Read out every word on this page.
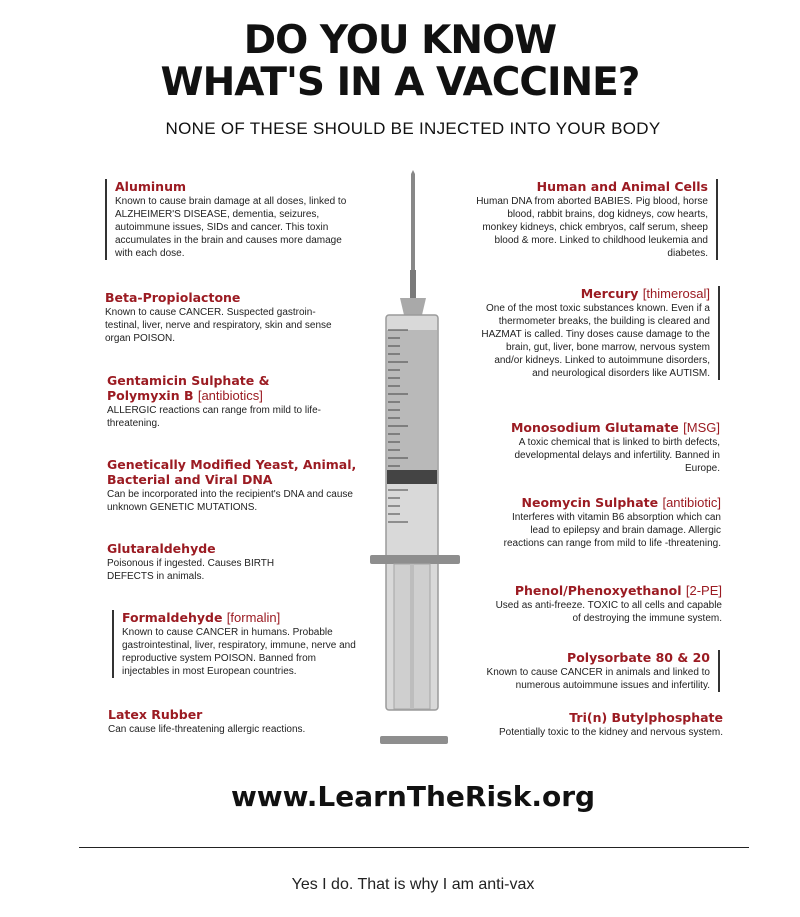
DO YOU KNOW
WHAT'S IN A VACCINE?
NONE OF THESE SHOULD BE INJECTED INTO YOUR BODY
Aluminum
Known to cause brain damage at all doses, linked to ALZHEIMER'S DISEASE, dementia, seizures, autoimmune issues, SIDs and cancer. This toxin accumulates in the brain and causes more damage with each dose.
Beta-Propiolactone
Known to cause CANCER. Suspected gastroin-testinal, liver, nerve and respiratory, skin and sense organ POISON.
Gentamicin Sulphate & Polymyxin B [antibiotics]
ALLERGIC reactions can range from mild to life-threatening.
Genetically Modified Yeast, Animal, Bacterial and Viral DNA
Can be incorporated into the recipient's DNA and cause unknown GENETIC MUTATIONS.
Glutaraldehyde
Poisonous if ingested. Causes BIRTH DEFECTS in animals.
Formaldehyde [formalin]
Known to cause CANCER in humans. Probable gastrointestinal, liver, respiratory, immune, nerve and reproductive system POISON. Banned from injectables in most European countries.
Latex Rubber
Can cause life-threatening allergic reactions.
Human and Animal Cells
Human DNA from aborted BABIES. Pig blood, horse blood, rabbit brains, dog kidneys, cow hearts, monkey kidneys, chick embryos, calf serum, sheep blood & more. Linked to childhood leukemia and diabetes.
Mercury [thimerosal]
One of the most toxic substances known. Even if a thermometer breaks, the building is cleared and HAZMAT is called. Tiny doses cause damage to the brain, gut, liver, bone marrow, nervous system and/or kidneys. Linked to autoimmune disorders, and neurological disorders like AUTISM.
Monosodium Glutamate [MSG]
A toxic chemical that is linked to birth defects, developmental delays and infertility. Banned in Europe.
Neomycin Sulphate [antibiotic]
Interferes with vitamin B6 absorption which can lead to epilepsy and brain damage. Allergic reactions can range from mild to life -threatening.
Phenol/Phenoxyethanol [2-PE]
Used as anti-freeze. TOXIC to all cells and capable of destroying the immune system.
Polysorbate 80 & 20
Known to cause CANCER in animals and linked to numerous autoimmune issues and infertility.
Tri(n) Butylphosphate
Potentially toxic to the kidney and nervous system.
www.LearnTheRisk.org
Yes I do. That is why I am anti-vax
